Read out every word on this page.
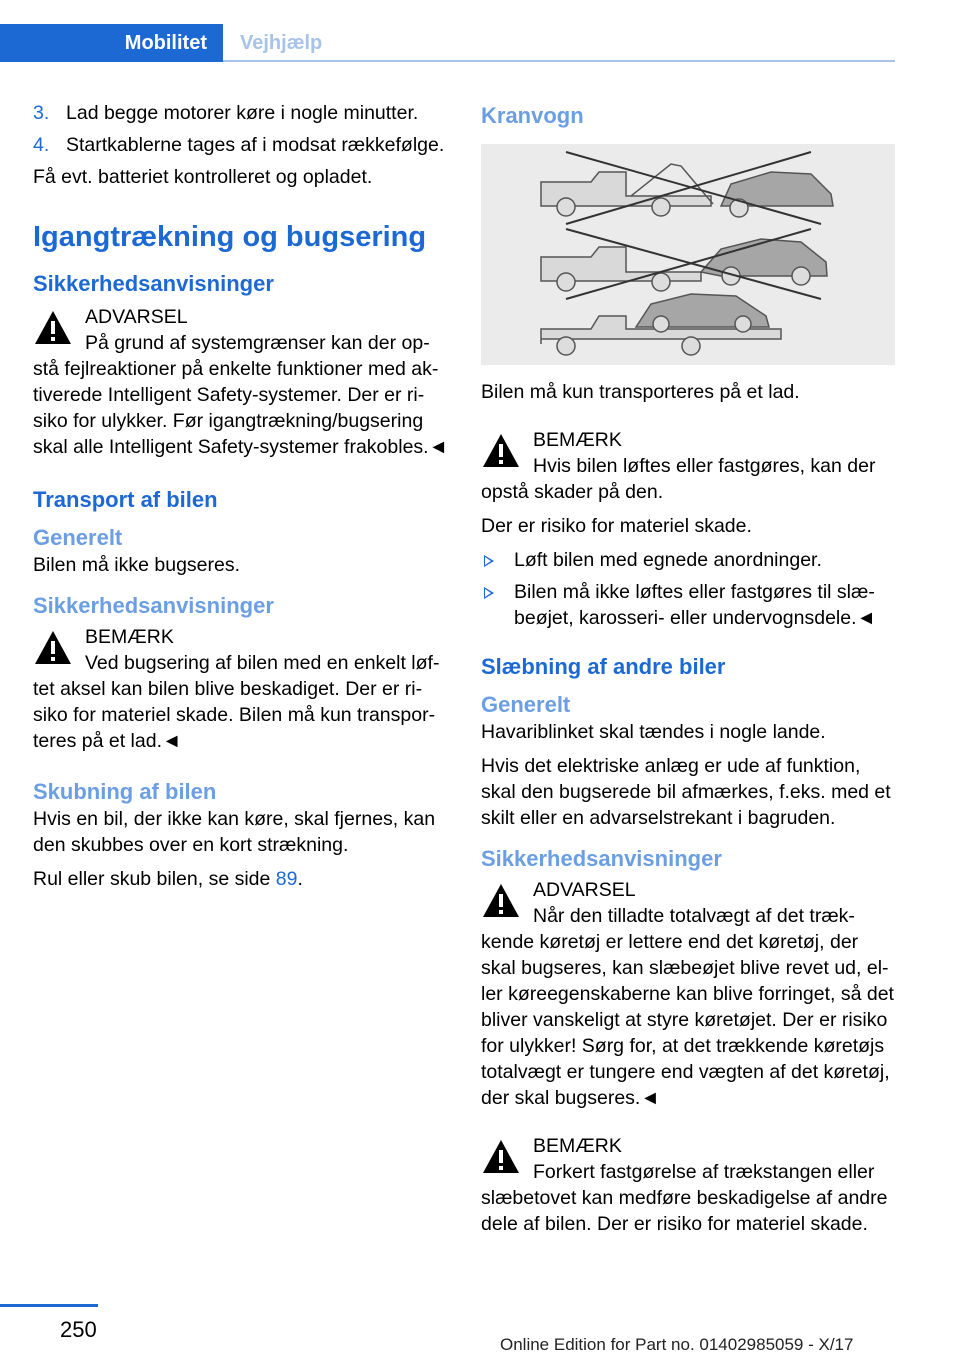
Mobilitet	Vejhjælp
3. Lad begge motorer køre i nogle minutter.
4. Startkablerne tages af i modsat rækkefølge.

Få evt. batteriet kontrolleret og opladet.

Igangtrækning og bugsering
Sikkerhedsanvisninger
ADVARSEL
På grund af systemgrænser kan der opstå fejlreaktioner på enkelte funktioner med aktiverede Intelligent Safety-systemer. Der er risiko for ulykker. Før igangtrækning/bugsering skal alle Intelligent Safety-systemer frakobles.◄
Transport af bilen
Generelt

Bilen må ikke bugseres.

Sikkerhedsanvisninger
BEMÆRK
Ved bugsering af bilen med en enkelt løftet aksel kan bilen blive beskadiget. Der er risiko for materiel skade. Bilen må kun transporteres på et lad.◄
Skubning af bilen

Hvis en bil, der ikke kan køre, skal fjernes, kan den skubbes over en kort strækning.

Rul eller skub bilen, se side 89.

Kranvogn

Bilen må kun transporteres på et lad.

BEMÆRK
Hvis bilen løftes eller fastgøres, kan der opstå skader på den.

Der er risiko for materiel skade.

Løft bilen med egnede anordninger.
Bilen må ikke løftes eller fastgøres til slæbeøjet, karosseri- eller undervognsdele.◄
Slæbning af andre biler
Generelt

Havariblinket skal tændes i nogle lande.

Hvis det elektriske anlæg er ude af funktion, skal den bugserede bil afmærkes, f.eks. med et skilt eller en advarselstrekant i bagruden.

Sikkerhedsanvisninger
ADVARSEL
Når den tilladte totalvægt af det trækkende køretøj er lettere end det køretøj, der skal bugseres, kan slæbeøjet blive revet ud, eller køreegenskaberne kan blive forringet, så det bliver vanskeligt at styre køretøjet. Der er risiko for ulykker! Sørg for, at det trækkende køretøjs totalvægt er tungere end vægten af det køretøj, der skal bugseres.◄
BEMÆRK
Forkert fastgørelse af trækstangen eller slæbetovet kan medføre beskadigelse af andre dele af bilen. Der er risiko for materiel skade.
250
Online Edition for Part no. 01402985059 - X/17
